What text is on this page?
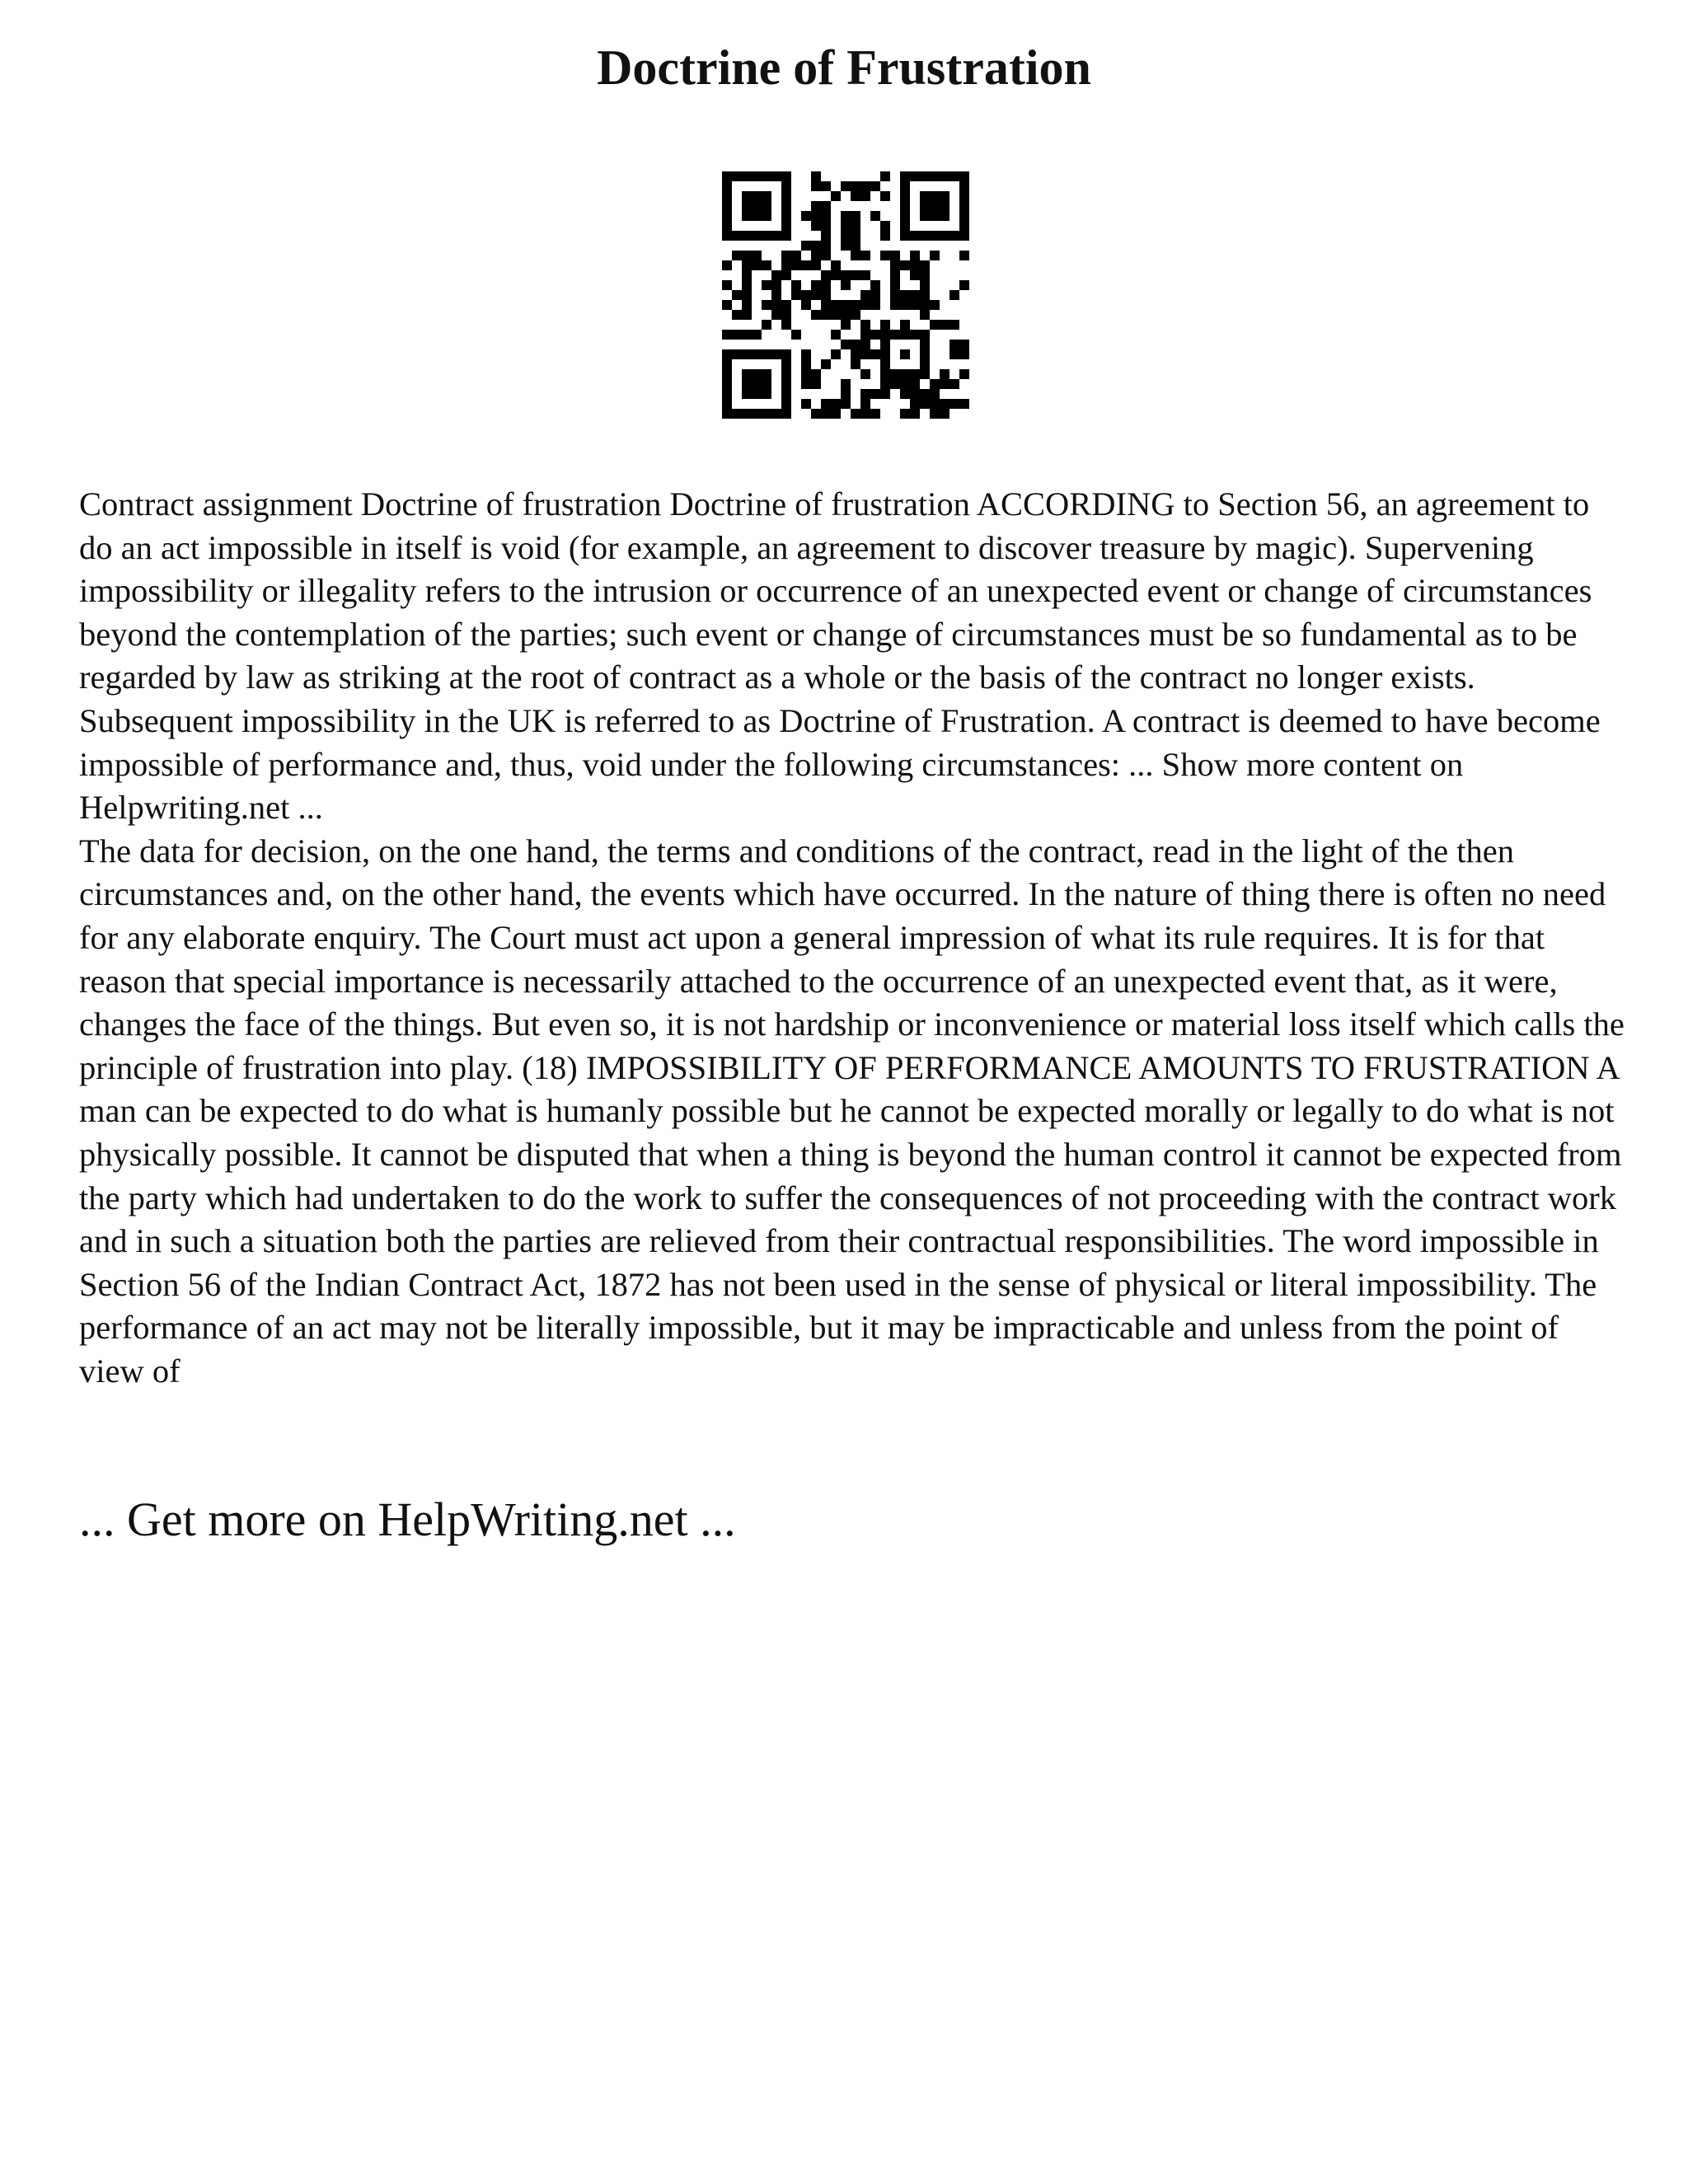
Doctrine of Frustration

Contract assignment Doctrine of frustration Doctrine of frustration ACCORDING to Section 56, an agreement to do an act impossible in itself is void (for example, an agreement to discover treasure by magic). Supervening impossibility or illegality refers to the intrusion or occurrence of an unexpected event or change of circumstances beyond the contemplation of the parties; such event or change of circumstances must be so fundamental as to be regarded by law as striking at the root of contract as a whole or the basis of the contract no longer exists. Subsequent impossibility in the UK is referred to as Doctrine of Frustration. A contract is deemed to have become impossible of performance and, thus, void under the following circumstances: ... Show more content on Helpwriting.net ...

The data for decision, on the one hand, the terms and conditions of the contract, read in the light of the then circumstances and, on the other hand, the events which have occurred. In the nature of thing there is often no need for any elaborate enquiry. The Court must act upon a general impression of what its rule requires. It is for that reason that special importance is necessarily attached to the occurrence of an unexpected event that, as it were, changes the face of the things. But even so, it is not hardship or inconvenience or material loss itself which calls the principle of frustration into play. (18) IMPOSSIBILITY OF PERFORMANCE AMOUNTS TO FRUSTRATION A man can be expected to do what is humanly possible but he cannot be expected morally or legally to do what is not physically possible. It cannot be disputed that when a thing is beyond the human control it cannot be expected from the party which had undertaken to do the work to suffer the consequences of not proceeding with the contract work and in such a situation both the parties are relieved from their contractual responsibilities. The word impossible in Section 56 of the Indian Contract Act, 1872 has not been used in the sense of physical or literal impossibility. The performance of an act may not be literally impossible, but it may be impracticable and unless from the point of view of

... Get more on HelpWriting.net ...
